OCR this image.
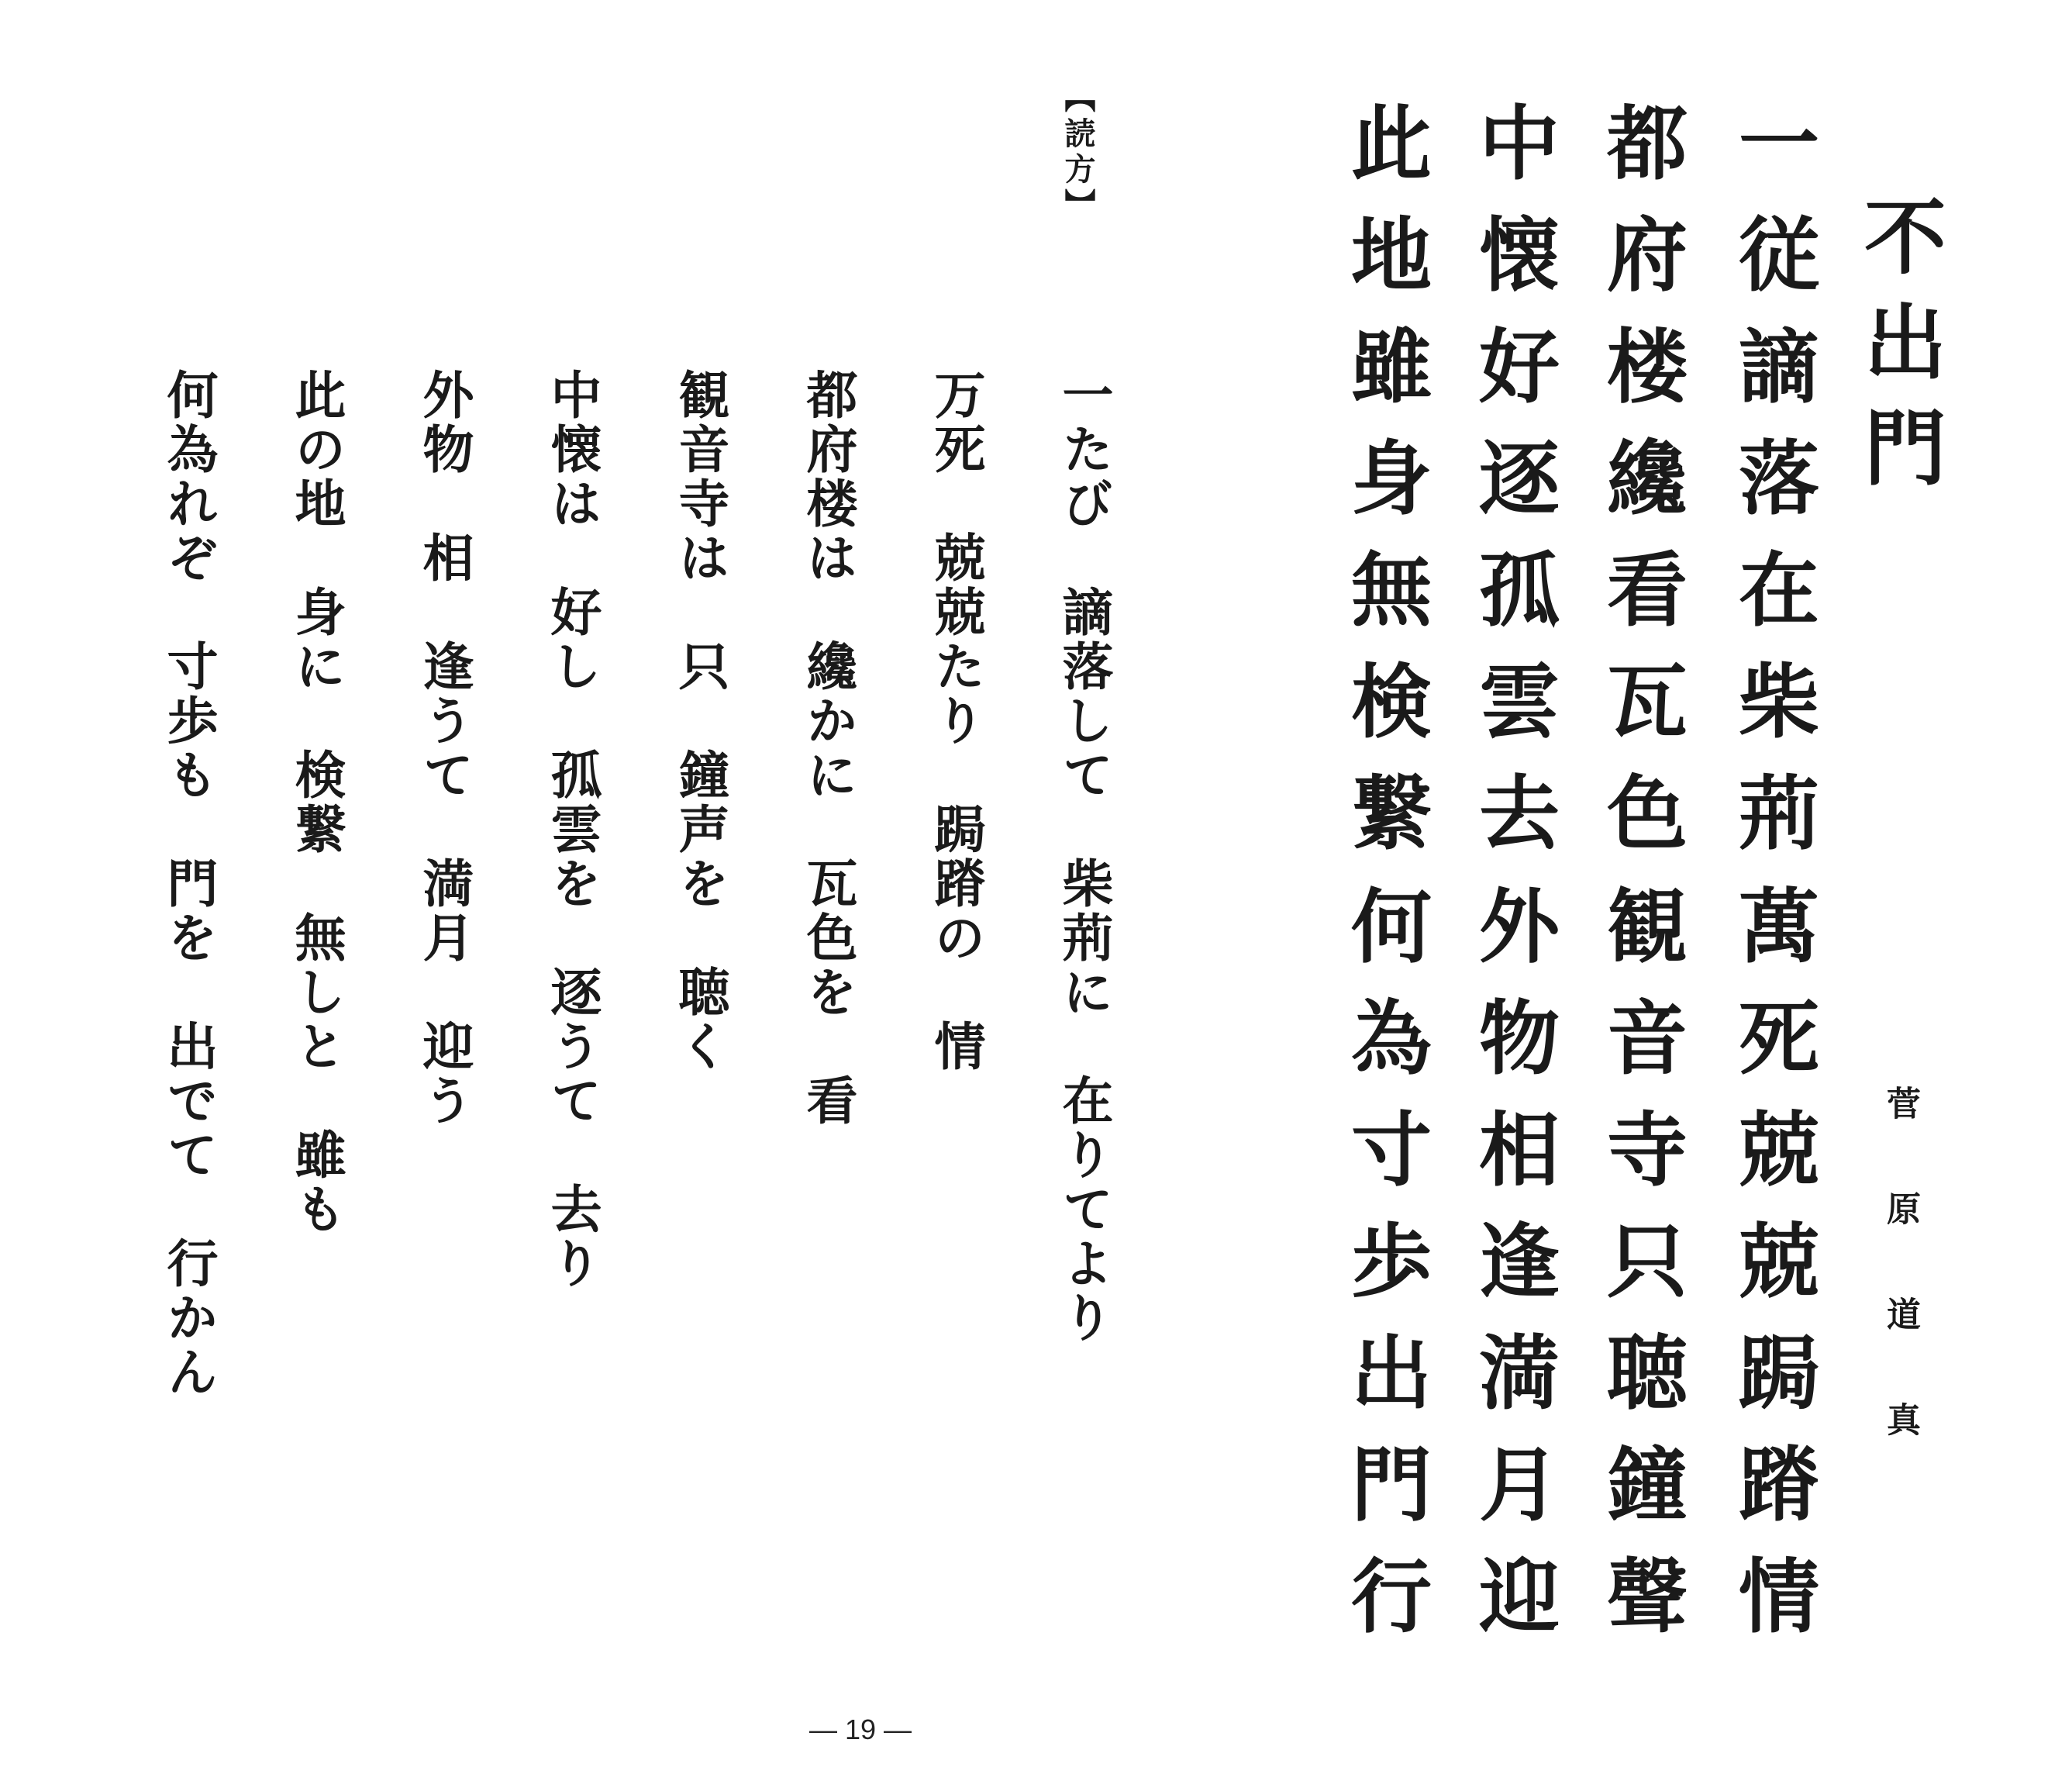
不出門
菅原道真
一従謫落在柴荊
都府楼纔看瓦色
中懐好逐孤雲去
此地雖身無検繋
萬死兢兢跼蹐情
観音寺只聴鐘聲
外物相逢満月迎
何為寸歩出門行
【読方】
一たび　謫落して　柴荊に　在りてより
万死　兢兢たり　跼蹐の　情
都府楼は　纔かに　瓦色を　看
観音寺は　只　鐘声を　聴く
中懐は　好し　孤雲を　逐うて　去り
外物　相　逢うて　満月　迎う
此の地　身に　検繋　無しと　雖も
何為れぞ　寸歩も　門を　出でて　行かん
— 19 —
